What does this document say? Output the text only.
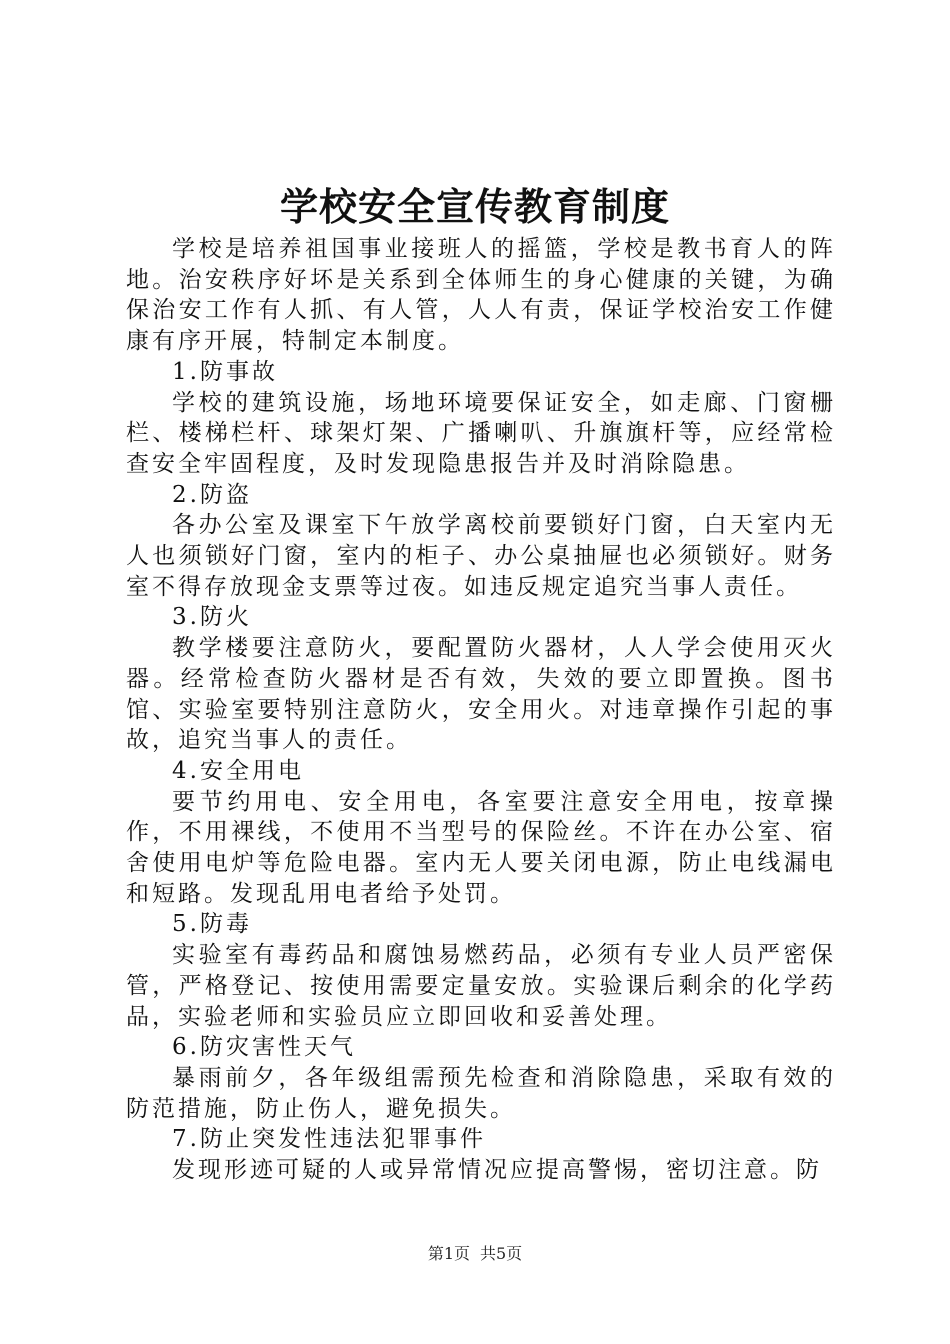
学校安全宣传教育制度

学校是培养祖国事业接班人的摇篮，学校是教书育人的阵地。治安秩序好坏是关系到全体师生的身心健康的关键，为确保治安工作有人抓、有人管，人人有责，保证学校治安工作健康有序开展，特制定本制度。

1.防事故

学校的建筑设施，场地环境要保证安全，如走廊、门窗栅栏、楼梯栏杆、球架灯架、广播喇叭、升旗旗杆等，应经常检查安全牢固程度，及时发现隐患报告并及时消除隐患。

2.防盗

各办公室及课室下午放学离校前要锁好门窗，白天室内无人也须锁好门窗，室内的柜子、办公桌抽屉也必须锁好。财务室不得存放现金支票等过夜。如违反规定追究当事人责任。

3.防火

教学楼要注意防火，要配置防火器材，人人学会使用灭火器。经常检查防火器材是否有效，失效的要立即置换。图书馆、实验室要特别注意防火，安全用火。对违章操作引起的事故，追究当事人的责任。

4.安全用电

要节约用电、安全用电，各室要注意安全用电，按章操作，不用裸线，不使用不当型号的保险丝。不许在办公室、宿舍使用电炉等危险电器。室内无人要关闭电源，防止电线漏电和短路。发现乱用电者给予处罚。

5.防毒

实验室有毒药品和腐蚀易燃药品，必须有专业人员严密保管，严格登记、按使用需要定量安放。实验课后剩余的化学药品，实验老师和实验员应立即回收和妥善处理。

6.防灾害性天气

暴雨前夕，各年级组需预先检查和消除隐患，采取有效的防范措施，防止伤人，避免损失。

7.防止突发性违法犯罪事件

发现形迹可疑的人或异常情况应提高警惕，密切注意。防

第1页 共5页
